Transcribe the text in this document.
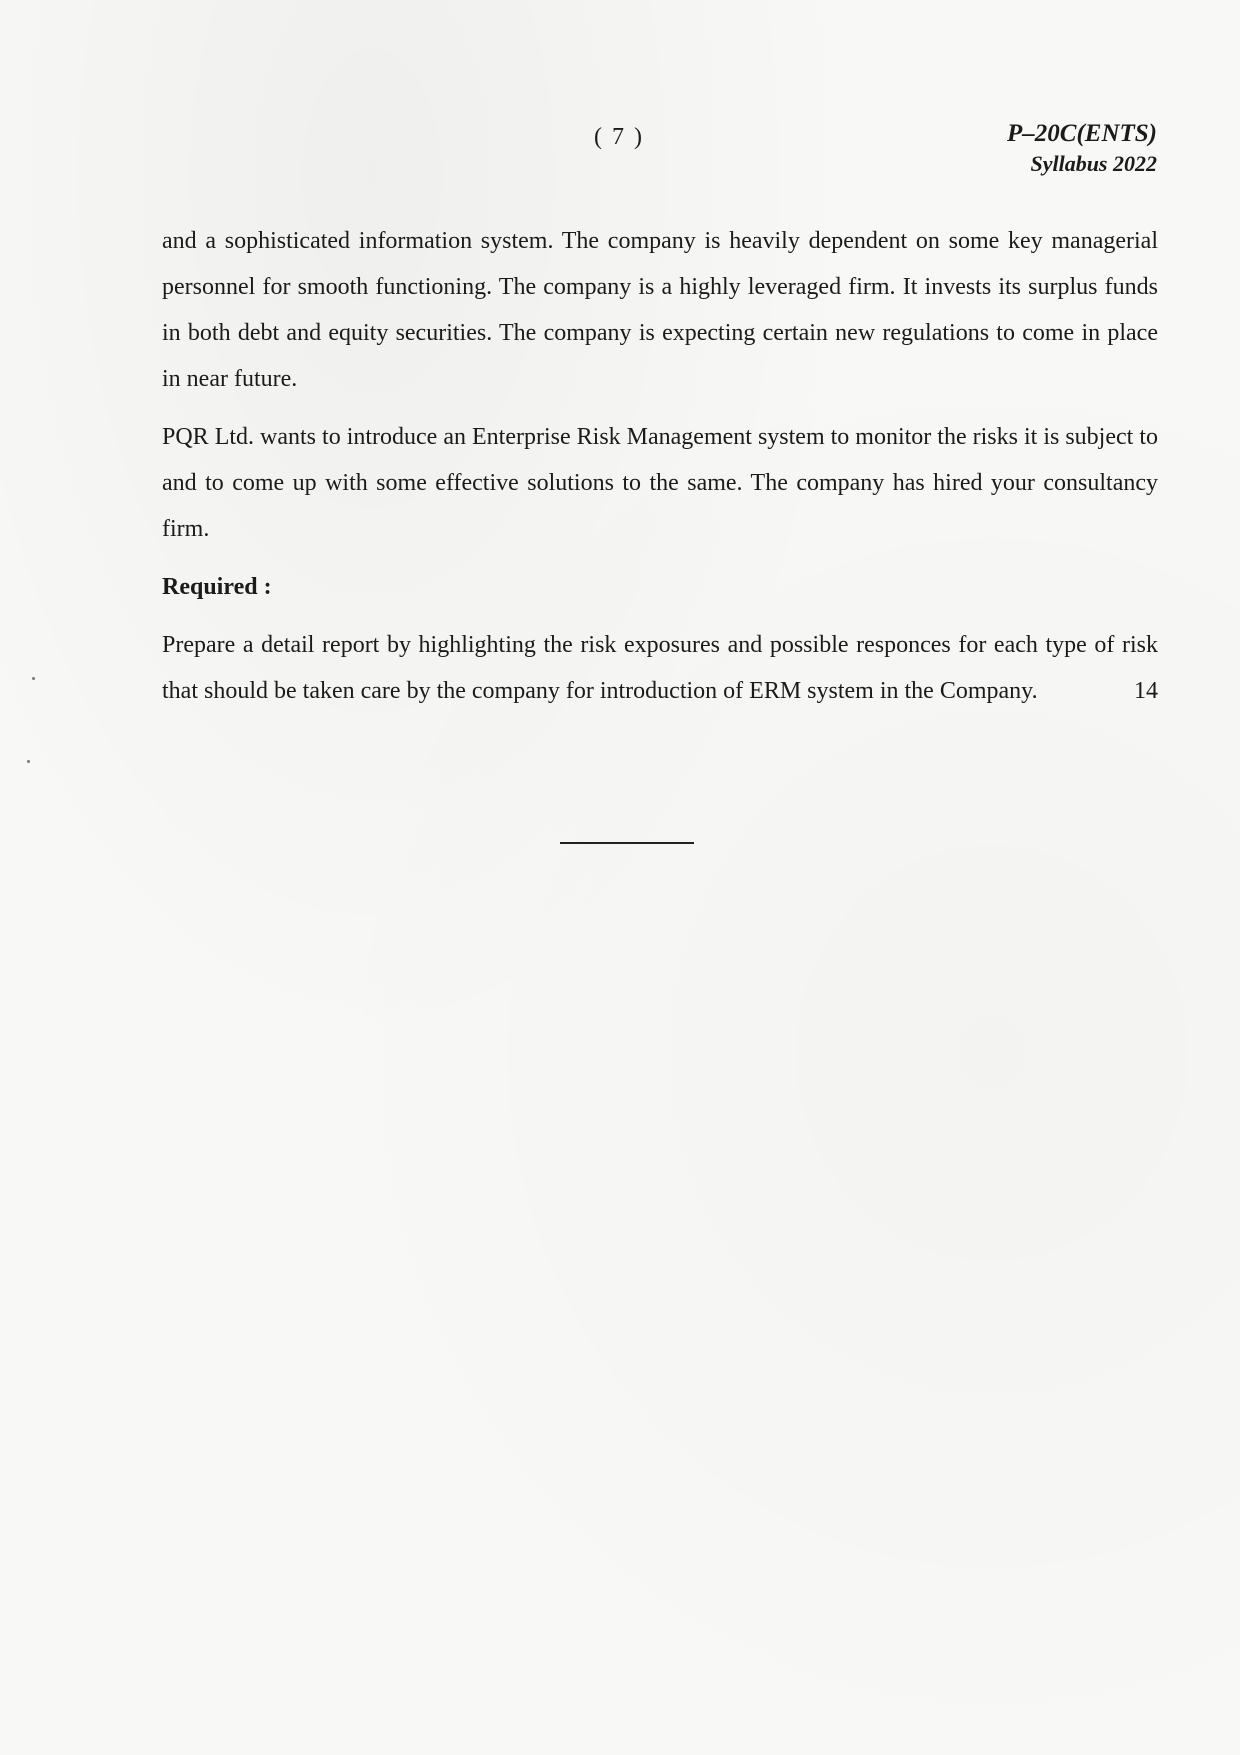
( 7 )	P–20C(ENTS)
Syllabus 2022

and a sophisticated information system. The company is heavily dependent on some key managerial personnel for smooth functioning. The company is a highly leveraged firm. It invests its surplus funds in both debt and equity securities. The company is expecting certain new regulations to come in place in near future.

PQR Ltd. wants to introduce an Enterprise Risk Management system to monitor the risks it is subject to and to come up with some effective solutions to the same. The company has hired your consultancy firm.

Required :

Prepare a detail report by highlighting the risk exposures and possible responces for each type of risk that should be taken care by the company for introduction of ERM system in the Company.	14
